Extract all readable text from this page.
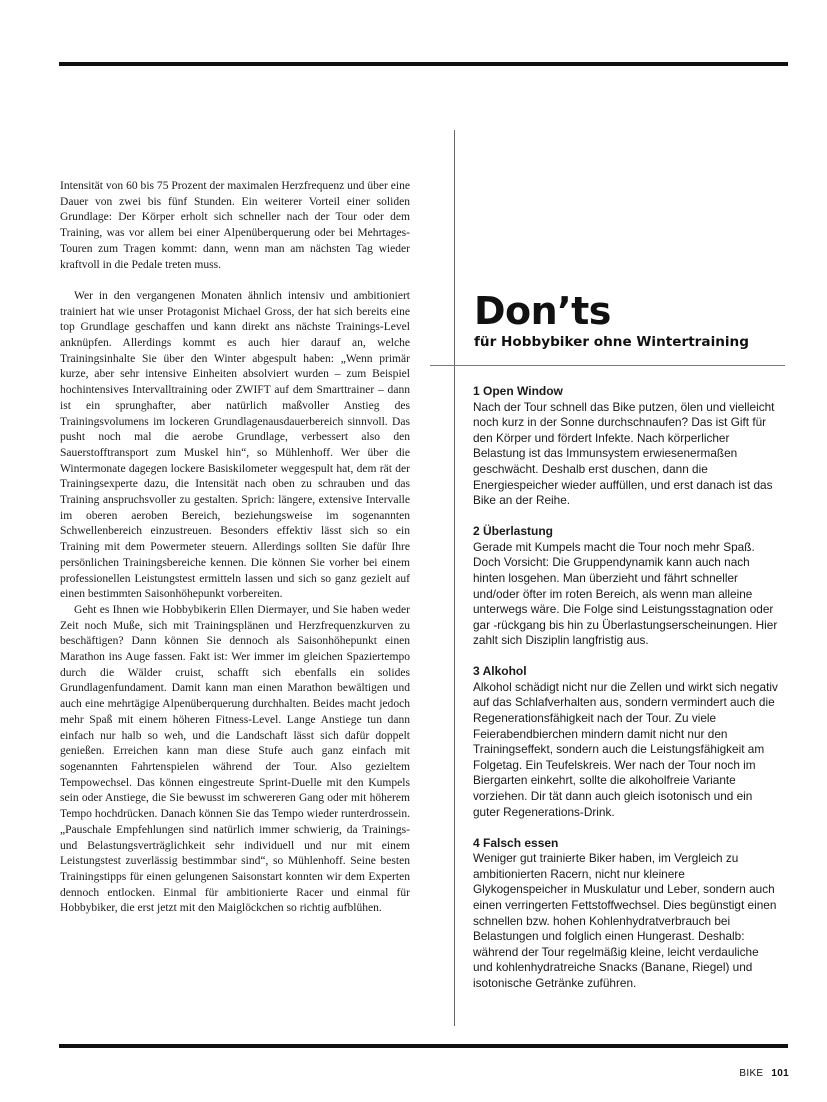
Intensität von 60 bis 75 Prozent der maximalen Herzfrequenz und über eine Dauer von zwei bis fünf Stunden. Ein weiterer Vorteil einer soliden Grundlage: Der Körper erholt sich schneller nach der Tour oder dem Training, was vor allem bei einer Alpenüberquerung oder bei Mehrtages-Touren zum Tragen kommt: dann, wenn man am nächsten Tag wieder kraftvoll in die Pedale treten muss.

Wer in den vergangenen Monaten ähnlich intensiv und ambitioniert trainiert hat wie unser Protagonist Michael Gross, der hat sich bereits eine top Grundlage geschaffen und kann direkt ans nächste Trainings-Level anknüpfen. Allerdings kommt es auch hier darauf an, welche Trainingsinhalte Sie über den Winter abgespult haben: „Wenn primär kurze, aber sehr intensive Einheiten absolviert wurden – zum Beispiel hochintensives Intervalltraining oder ZWIFT auf dem Smarttrainer – dann ist ein sprunghafter, aber natürlich maßvoller Anstieg des Trainingsvolumens im lockeren Grundlagenausdauerbereich sinnvoll. Das pusht noch mal die aerobe Grundlage, verbessert also den Sauerstofftransport zum Muskel hin“, so Mühlenhoff. Wer über die Wintermonate dagegen lockere Basiskilometer weggespult hat, dem rät der Trainingsexperte dazu, die Intensität nach oben zu schrauben und das Training anspruchsvoller zu gestalten. Sprich: längere, extensive Intervalle im oberen aeroben Bereich, beziehungsweise im sogenannten Schwellenbereich einzustreuen. Besonders effektiv lässt sich so ein Training mit dem Powermeter steuern. Allerdings sollten Sie dafür Ihre persönlichen Trainingsbereiche kennen. Die können Sie vorher bei einem professionellen Leistungstest ermitteln lassen und sich so ganz gezielt auf einen bestimmten Saisonhöhepunkt vorbereiten.

Geht es Ihnen wie Hobbybikerin Ellen Diermayer, und Sie haben weder Zeit noch Muße, sich mit Trainingsplänen und Herzfrequenzkurven zu beschäftigen? Dann können Sie dennoch als Saisonhöhepunkt einen Marathon ins Auge fassen. Fakt ist: Wer immer im gleichen Spaziertempo durch die Wälder cruist, schafft sich ebenfalls ein solides Grundlagenfundament. Damit kann man einen Marathon bewältigen und auch eine mehrtägige Alpenüberquerung durchhalten. Beides macht jedoch mehr Spaß mit einem höheren Fitness-Level. Lange Anstiege tun dann einfach nur halb so weh, und die Landschaft lässt sich dafür doppelt genießen. Erreichen kann man diese Stufe auch ganz einfach mit sogenannten Fahrtenspielen während der Tour. Also gezieltem Tempowechsel. Das können eingestreute Sprint-Duelle mit den Kumpels sein oder Anstiege, die Sie bewusst im schwereren Gang oder mit höherem Tempo hochdrücken. Danach können Sie das Tempo wieder runterdrossein. „Pauschale Empfehlungen sind natürlich immer schwierig, da Trainings- und Belastungsverträglichkeit sehr individuell und nur mit einem Leistungstest zuverlässig bestimmbar sind“, so Mühlenhoff. Seine besten Trainingstipps für einen gelungenen Saisonstart konnten wir dem Experten dennoch entlocken. Einmal für ambitionierte Racer und einmal für Hobbybiker, die erst jetzt mit den Maiglöckchen so richtig aufblühen.

Don’ts
für Hobbybiker ohne Wintertraining
1 Open Window

Nach der Tour schnell das Bike putzen, ölen und vielleicht noch kurz in der Sonne durchschnaufen? Das ist Gift für den Körper und fördert Infekte. Nach körperlicher Belastung ist das Immunsystem erwiesenermaßen geschwächt. Deshalb erst duschen, dann die Energiespeicher wieder auffüllen, und erst danach ist das Bike an der Reihe.

2 Überlastung

Gerade mit Kumpels macht die Tour noch mehr Spaß. Doch Vorsicht: Die Gruppendynamik kann auch nach hinten losgehen. Man überzieht und fährt schneller und/oder öfter im roten Bereich, als wenn man alleine unterwegs wäre. Die Folge sind Leistungsstagnation oder gar -rückgang bis hin zu Überlastungserscheinungen. Hier zahlt sich Disziplin langfristig aus.

3 Alkohol

Alkohol schädigt nicht nur die Zellen und wirkt sich negativ auf das Schlafverhalten aus, sondern vermindert auch die Regenerationsfähigkeit nach der Tour. Zu viele Feierabendbierchen mindern damit nicht nur den Trainingseffekt, sondern auch die Leistungsfähigkeit am Folgetag. Ein Teufelskreis. Wer nach der Tour noch im Biergarten einkehrt, sollte die alkoholfreie Variante vorziehen. Dir tät dann auch gleich isotonisch und ein guter Regenerations-Drink.

4 Falsch essen

Weniger gut trainierte Biker haben, im Vergleich zu ambitionierten Racern, nicht nur kleinere Glykogenspeicher in Muskulatur und Leber, sondern auch einen verringerten Fettstoffwechsel. Dies begünstigt einen schnellen bzw. hohen Kohlenhydratverbrauch bei Belastungen und folglich einen Hungerast. Deshalb: während der Tour regelmäßig kleine, leicht verdauliche und kohlenhydratreiche Snacks (Banane, Riegel) und isotonische Getränke zuführen.

BIKE 101
